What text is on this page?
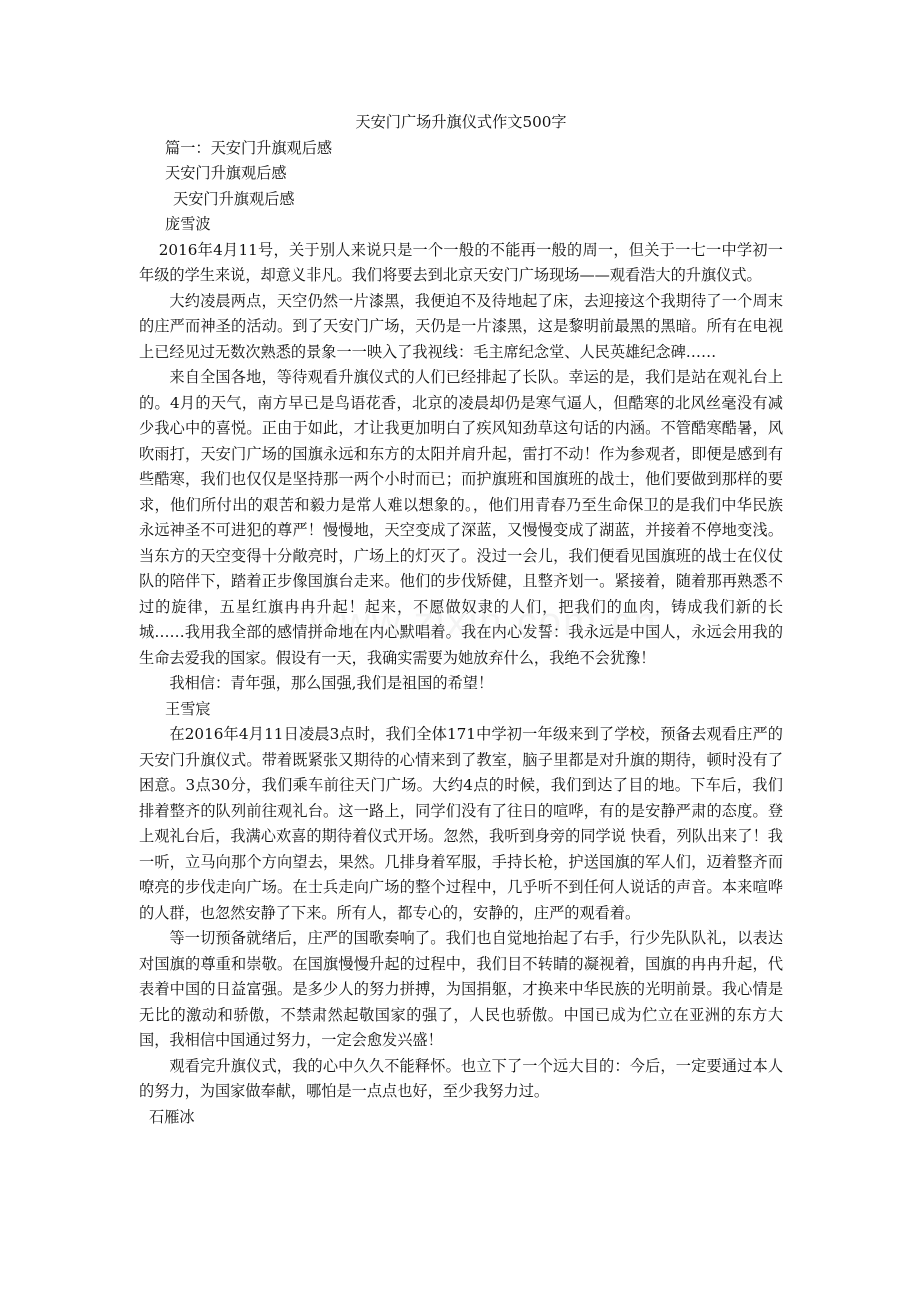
天安门广场升旗仪式作文500字

篇一：天安门升旗观后感

天安门升旗观后感

天安门升旗观后感

庞雪波

2016年4月11号，关于别人来说只是一个一般的不能再一般的周一，但关于一七一中学初一年级的学生来说，却意义非凡。我们将要去到北京天安门广场现场——观看浩大的升旗仪式。

大约凌晨两点，天空仍然一片漆黑，我便迫不及待地起了床，去迎接这个我期待了一个周末的庄严而神圣的活动。到了天安门广场，天仍是一片漆黑，这是黎明前最黑的黑暗。所有在电视上已经见过无数次熟悉的景象一一映入了我视线：毛主席纪念堂、人民英雄纪念碑……

来自全国各地，等待观看升旗仪式的人们已经排起了长队。幸运的是，我们是站在观礼台上的。4月的天气，南方早已是鸟语花香，北京的凌晨却仍是寒气逼人，但酷寒的北风丝毫没有减少我心中的喜悦。正由于如此，才让我更加明白了疾风知劲草这句话的内涵。不管酷寒酷暑，风吹雨打，天安门广场的国旗永远和东方的太阳并肩升起，雷打不动！作为参观者，即便是感到有些酷寒，我们也仅仅是坚持那一两个小时而已；而护旗班和国旗班的战士，他们要做到那样的要求，他们所付出的艰苦和毅力是常人难以想象的。，他们用青春乃至生命保卫的是我们中华民族永远神圣不可进犯的尊严！慢慢地，天空变成了深蓝，又慢慢变成了湖蓝，并接着不停地变浅。当东方的天空变得十分敞亮时，广场上的灯灭了。没过一会儿，我们便看见国旗班的战士在仪仗队的陪伴下，踏着正步像国旗台走来。他们的步伐矫健，且整齐划一。紧接着，随着那再熟悉不过的旋律，五星红旗冉冉升起！起来，不愿做奴隶的人们，把我们的血肉，铸成我们新的长城……我用我全部的感情拼命地在内心默唱着。我在内心发誓：我永远是中国人，永远会用我的生命去爱我的国家。假设有一天，我确实需要为她放弃什么，我绝不会犹豫！

我相信：青年强，那么国强,我们是祖国的希望！

王雪宸

在2016年4月11日凌晨3点时，我们全体171中学初一年级来到了学校，预备去观看庄严的天安门升旗仪式。带着既紧张又期待的心情来到了教室，脑子里都是对升旗的期待，顿时没有了困意。3点30分，我们乘车前往天门广场。大约4点的时候，我们到达了目的地。下车后，我们排着整齐的队列前往观礼台。这一路上，同学们没有了往日的喧哗，有的是安静严肃的态度。登上观礼台后，我满心欢喜的期待着仪式开场。忽然，我听到身旁的同学说 快看，列队出来了！我一听，立马向那个方向望去，果然。几排身着军服，手持长枪，护送国旗的军人们，迈着整齐而嘹亮的步伐走向广场。在士兵走向广场的整个过程中，几乎听不到任何人说话的声音。本来喧哗的人群，也忽然安静了下来。所有人，都专心的，安静的，庄严的观看着。

等一切预备就绪后，庄严的国歌奏响了。我们也自觉地抬起了右手，行少先队队礼，以表达对国旗的尊重和崇敬。在国旗慢慢升起的过程中，我们目不转睛的凝视着，国旗的冉冉升起，代表着中国的日益富强。是多少人的努力拼搏，为国捐躯，才换来中华民族的光明前景。我心情是无比的激动和骄傲，不禁肃然起敬国家的强了，人民也骄傲。中国已成为伫立在亚洲的东方大国，我相信中国通过努力，一定会愈发兴盛！

观看完升旗仪式，我的心中久久不能释怀。也立下了一个远大目的：今后，一定要通过本人的努力，为国家做奉献，哪怕是一点点也好，至少我努力过。

石雁冰
